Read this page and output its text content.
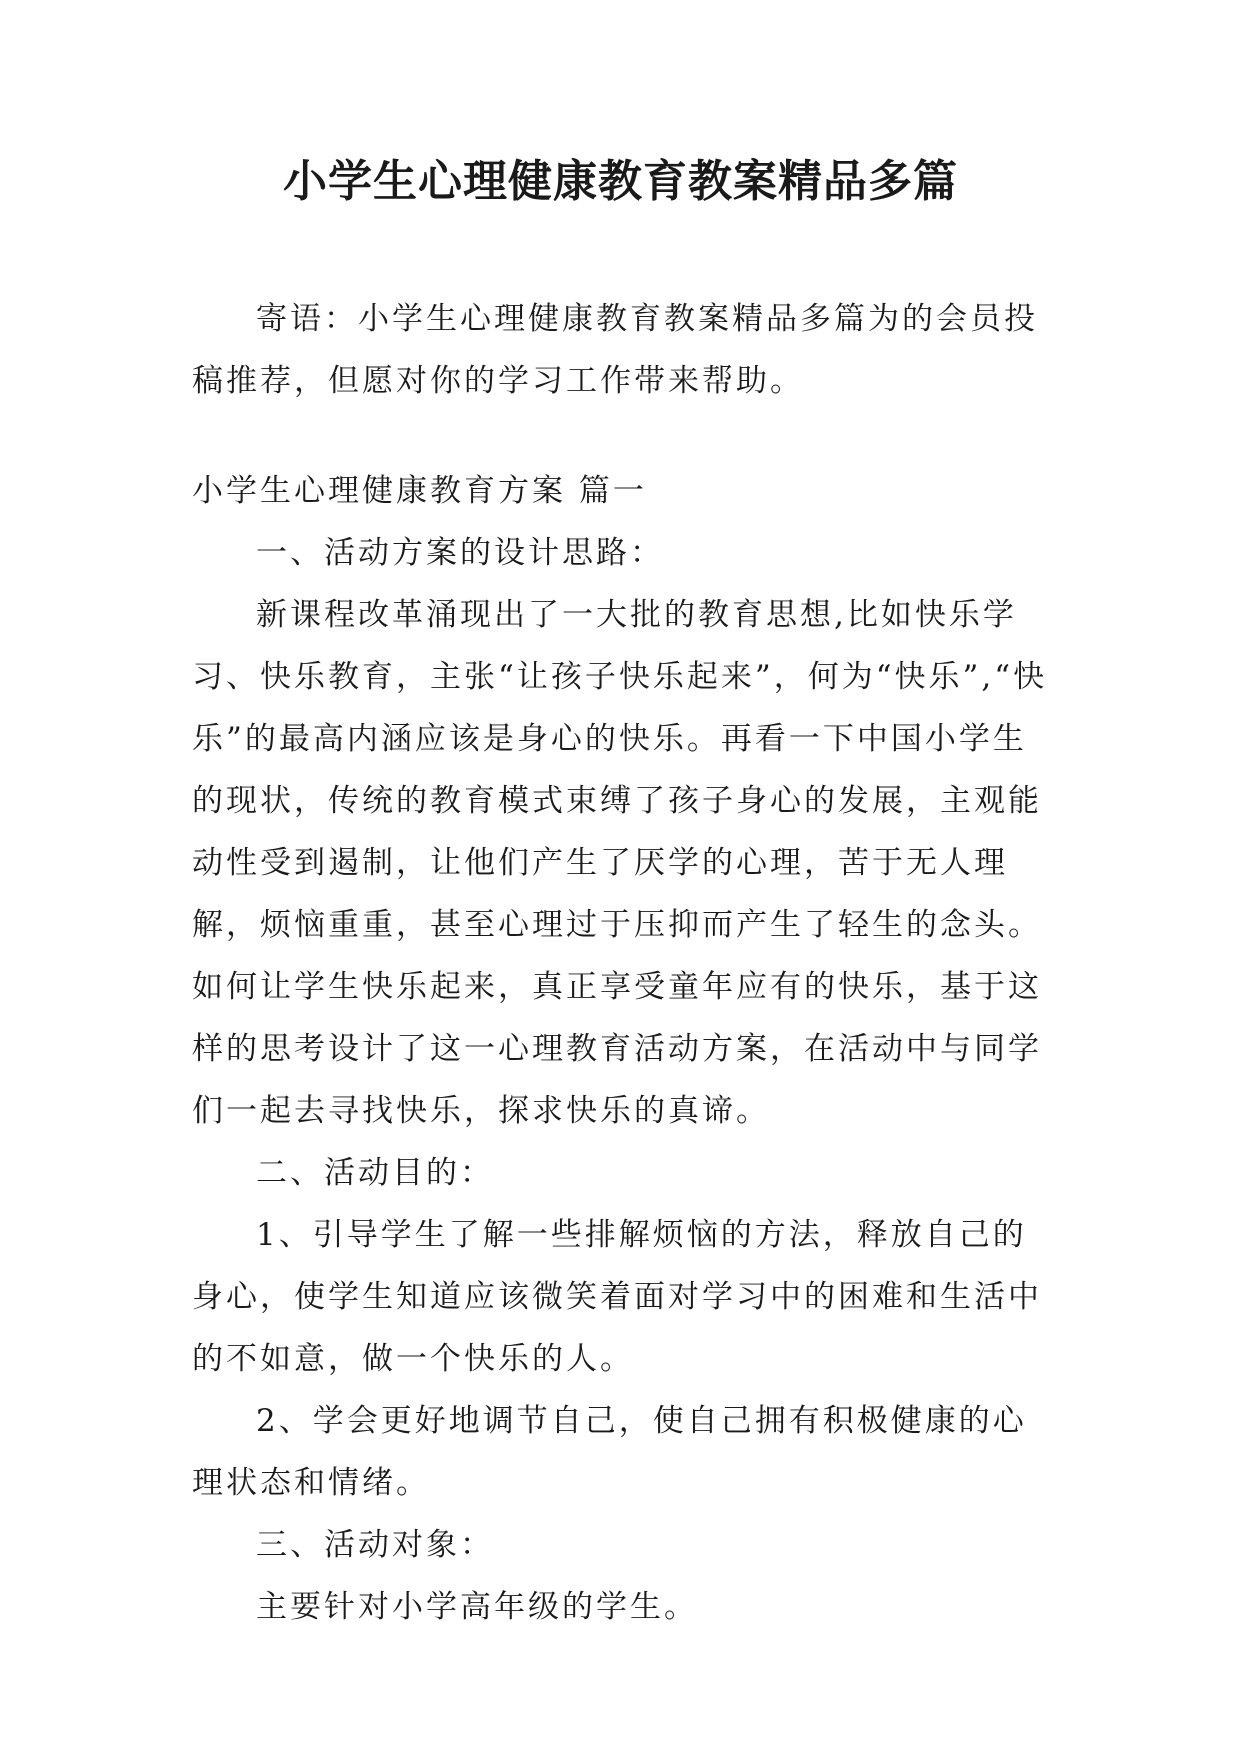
小学生心理健康教育教案精品多篇

寄语：小学生心理健康教育教案精品多篇为的会员投稿推荐，但愿对你的学习工作带来帮助。

小学生心理健康教育方案 篇一

一、活动方案的设计思路：

新课程改革涌现出了一大批的教育思想,比如快乐学习、快乐教育，主张“让孩子快乐起来”，何为“快乐”,“快乐”的最高内涵应该是身心的快乐。再看一下中国小学生的现状，传统的教育模式束缚了孩子身心的发展，主观能动性受到遏制，让他们产生了厌学的心理，苦于无人理解，烦恼重重，甚至心理过于压抑而产生了轻生的念头。如何让学生快乐起来，真正享受童年应有的快乐，基于这样的思考设计了这一心理教育活动方案，在活动中与同学们一起去寻找快乐，探求快乐的真谛。

二、活动目的：

1、引导学生了解一些排解烦恼的方法，释放自己的身心，使学生知道应该微笑着面对学习中的困难和生活中的不如意，做一个快乐的人。

2、学会更好地调节自己，使自己拥有积极健康的心理状态和情绪。

三、活动对象：

主要针对小学高年级的学生。
